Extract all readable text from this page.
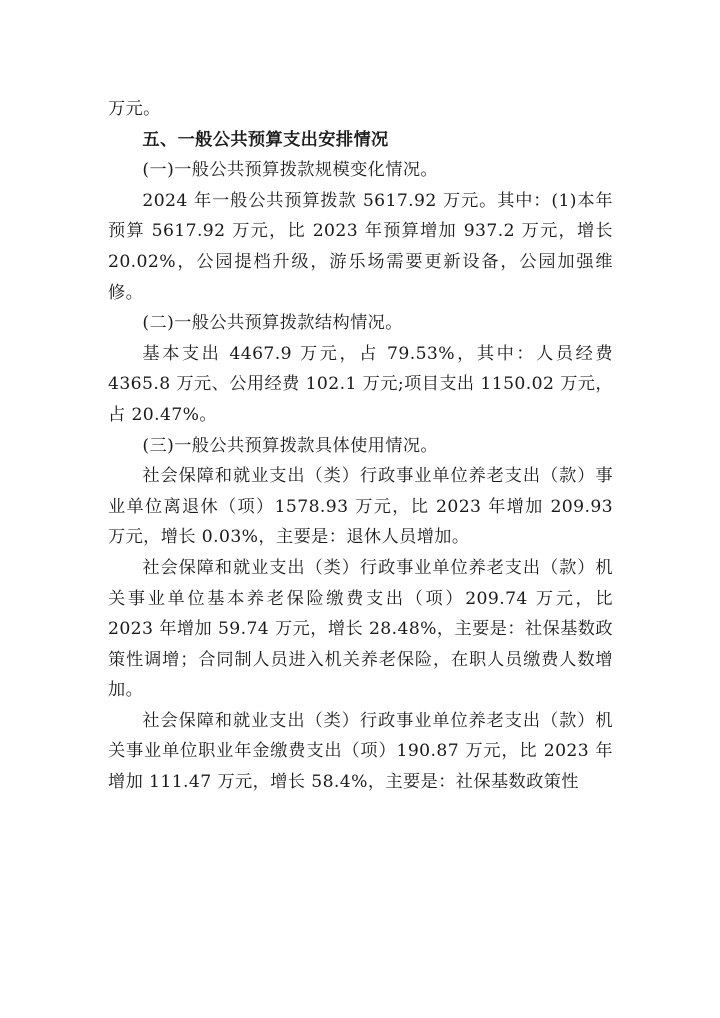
万元。

五、一般公共预算支出安排情况

(一)一般公共预算拨款规模变化情况。

2024 年一般公共预算拨款 5617.92 万元。其中：(1)本年预算 5617.92 万元，比 2023 年预算增加 937.2 万元，增长 20.02%，公园提档升级，游乐场需要更新设备，公园加强维修。

(二)一般公共预算拨款结构情况。

基本支出 4467.9 万元，占 79.53%，其中：人员经费 4365.8 万元、公用经费 102.1 万元;项目支出 1150.02 万元，占 20.47%。

(三)一般公共预算拨款具体使用情况。

社会保障和就业支出（类）行政事业单位养老支出（款）事业单位离退休（项）1578.93 万元，比 2023 年增加 209.93 万元，增长 0.03%，主要是：退休人员增加。

社会保障和就业支出（类）行政事业单位养老支出（款）机关事业单位基本养老保险缴费支出（项）209.74 万元，比 2023 年增加 59.74 万元，增长 28.48%，主要是：社保基数政策性调增；合同制人员进入机关养老保险，在职人员缴费人数增加。

社会保障和就业支出（类）行政事业单位养老支出（款）机关事业单位职业年金缴费支出（项）190.87 万元，比 2023 年增加 111.47 万元，增长 58.4%，主要是：社保基数政策性
